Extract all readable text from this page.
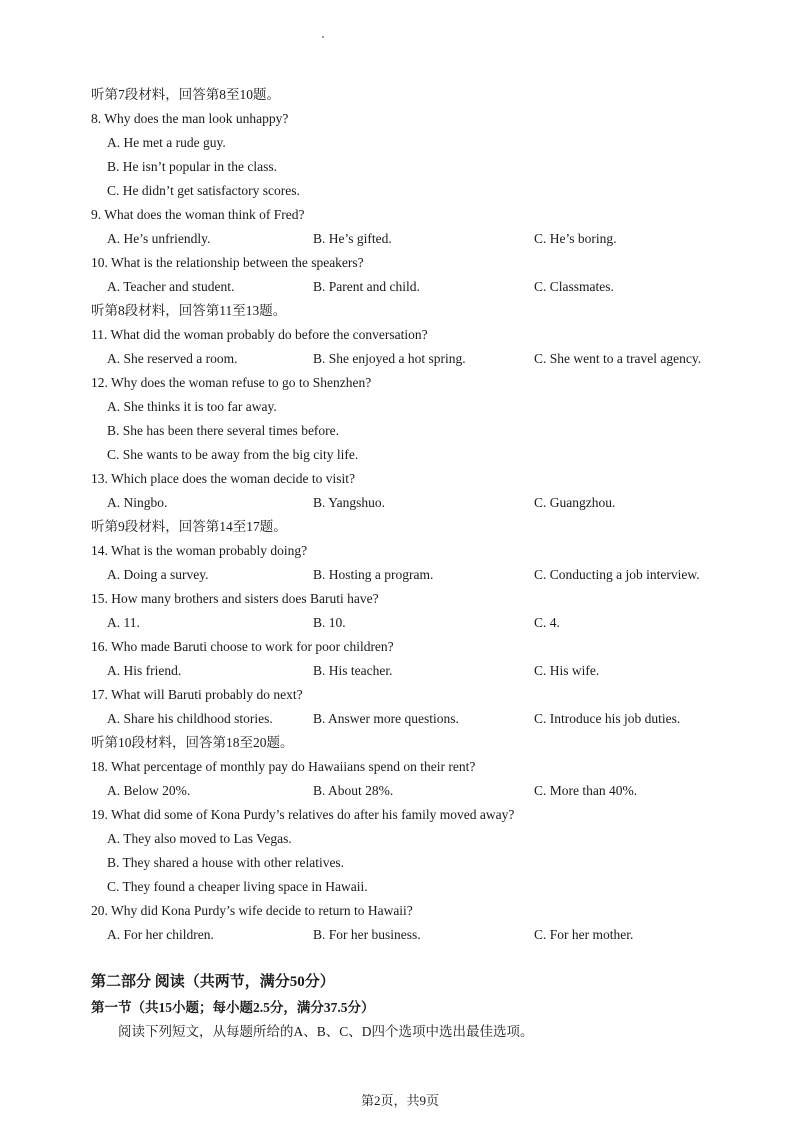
听第7段材料，回答第8至10题。
8. Why does the man look unhappy?
A. He met a rude guy.
B. He isn’t popular in the class.
C. He didn’t get satisfactory scores.
9. What does the woman think of Fred?
A. He’s unfriendly.	B. He’s gifted.	C. He’s boring.
10. What is the relationship between the speakers?
A. Teacher and student.	B. Parent and child.	C. Classmates.
听第8段材料，回答第11至13题。
11. What did the woman probably do before the conversation?
A. She reserved a room.	B. She enjoyed a hot spring.	C. She went to a travel agency.
12. Why does the woman refuse to go to Shenzhen?
A. She thinks it is too far away.
B. She has been there several times before.
C. She wants to be away from the big city life.
13. Which place does the woman decide to visit?
A. Ningbo.	B. Yangshuo.	C. Guangzhou.
听第9段材料，回答第14至17题。
14. What is the woman probably doing?
A. Doing a survey.	B. Hosting a program.	C. Conducting a job interview.
15. How many brothers and sisters does Baruti have?
A. 11.	B. 10.	C. 4.
16. Who made Baruti choose to work for poor children?
A. His friend.	B. His teacher.	C. His wife.
17. What will Baruti probably do next?
A. Share his childhood stories.	B. Answer more questions.	C. Introduce his job duties.
听第10段材料，回答第18至20题。
18. What percentage of monthly pay do Hawaiians spend on their rent?
A. Below 20%.	B. About 28%.	C. More than 40%.
19. What did some of Kona Purdy’s relatives do after his family moved away?
A. They also moved to Las Vegas.
B. They shared a house with other relatives.
C. They found a cheaper living space in Hawaii.
20. Why did Kona Purdy’s wife decide to return to Hawaii?
A. For her children.	B. For her business.	C. For her mother.
第二部分 阅读（共两节，满分50分）
第一节（共15小题；每小题2.5分，满分37.5分）
阅读下列短文，从每题所给的A、B、C、D四个选项中选出最佳选项。
第2页，共9页
